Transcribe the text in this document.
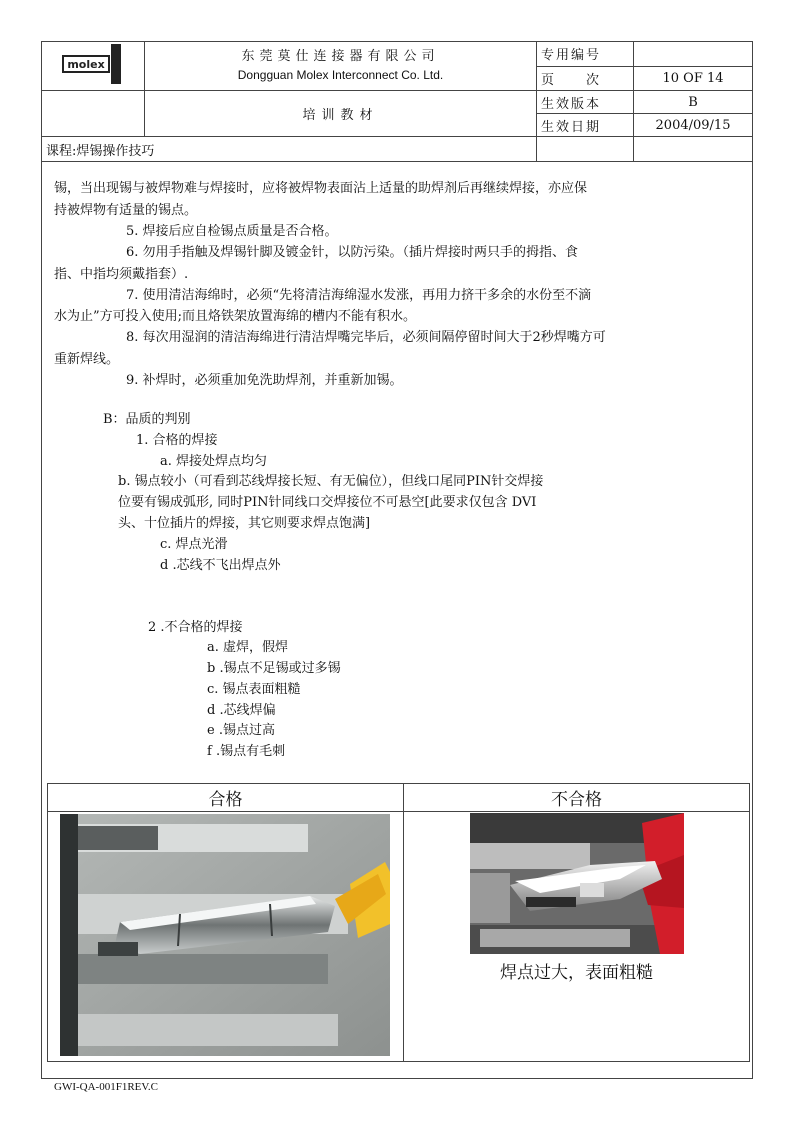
molex	东莞莫仕连接器有限公司
Dongguan Molex Interconnect Co. Ltd.	专用编号	
		页　　次	10 OF 14
	培训教材	生效版本	B
		生效日期	2004/09/15
课程:焊锡操作技巧			
锡，当出现锡与被焊物难与焊接时，应将被焊物表面沾上适量的助焊剂后再继续焊接，亦应保
持被焊物有适量的锡点。
5. 焊接后应自检锡点质量是否合格。
6. 勿用手指触及焊锡针脚及镀金针，以防污染。（插片焊接时两只手的拇指、食
指、中指均须戴指套）.
7. 使用清洁海绵时，必须“先将清洁海绵湿水发涨，再用力挤干多余的水份至不滴
水为止”方可投入使用;而且烙铁架放置海绵的槽内不能有积水。
8. 每次用湿润的清洁海绵进行清洁焊嘴完毕后，必须间隔停留时间大于2秒焊嘴方可
重新焊线。
9. 补焊时，必须重加免洗助焊剂，并重新加锡。
B：品质的判别
1. 合格的焊接
a. 焊接处焊点均匀
b. 锡点较小（可看到芯线焊接长短、有无偏位），但线口尾同PIN针交焊接
位要有锡成弧形, 同时PIN针同线口交焊接位不可悬空[此要求仅包含 DVI
头、十位插片的焊接，其它则要求焊点饱满]
c. 焊点光滑
d .芯线不飞出焊点外
2 .不合格的焊接
a. 虚焊，假焊
b .锡点不足锡或过多锡
c. 锡点表面粗糙
d .芯线焊偏
e .锡点过高
f .锡点有毛刺
合格	不合格

焊点过大，表面粗糙
GWI-QA-001F1REV.C
